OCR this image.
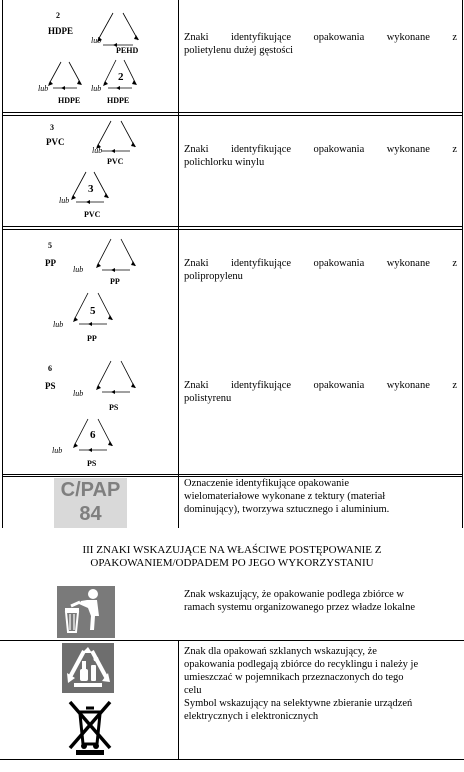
2
HDPE
lub
PEHD
lub
HDPE
2
lub
HDPE
Znaki identyfikujące opakowania wykonane z
polietylenu dużej gęstości
3
PVC
lub
PVC
3
lub
PVC
Znaki identyfikujące opakowania wykonane z
polichlorku winylu
5
PP
lub
PP
5
lub
PP
Znaki identyfikujące opakowania wykonane z
polipropylenu
6
PS
lub
PS
6
lub
PS
Znaki identyfikujące opakowania wykonane z
polistyrenu
C/PAP
84
Oznaczenie identyfikujące opakowanie
wielomateriałowe wykonane z tektury (materiał
dominujący), tworzywa sztucznego i aluminium.
III ZNAKI WSKAZUJĄCE NA WŁAŚCIWE POSTĘPOWANIE Z
OPAKOWANIEM/ODPADEM PO JEGO WYKORZYSTANIU
Znak wskazujący, że opakowanie podlega zbiórce w
ramach systemu organizowanego przez władze lokalne
Znak dla opakowań szklanych wskazujący, że
opakowania podlegają zbiórce do recyklingu i należy je
umieszczać w pojemnikach przeznaczonych do tego
celu
Symbol wskazujący na selektywne zbieranie urządzeń
elektrycznych i elektronicznych
